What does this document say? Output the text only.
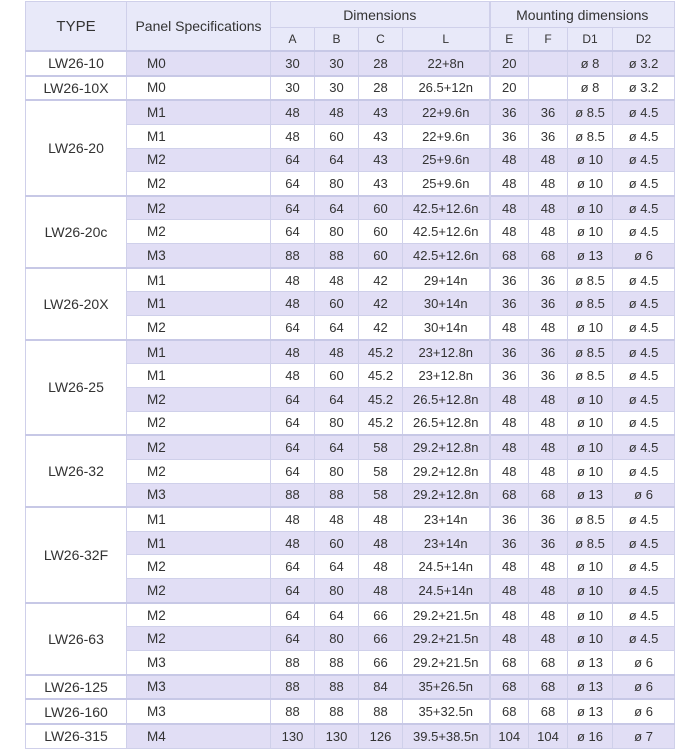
TYPE	Panel Specifications	Dimensions				Mounting dimensions			
		A	B	C	L	E	F	D1	D2
LW26-10	M0	30	30	28	22+8n	20		ø 8	ø 3.2
LW26-10X	M0	30	30	28	26.5+12n	20		ø 8	ø 3.2
LW26-20	M1	48	48	43	22+9.6n	36	36	ø 8.5	ø 4.5
	M1	48	60	43	22+9.6n	36	36	ø 8.5	ø 4.5
	M2	64	64	43	25+9.6n	48	48	ø 10	ø 4.5
	M2	64	80	43	25+9.6n	48	48	ø 10	ø 4.5
LW26-20c	M2	64	64	60	42.5+12.6n	48	48	ø 10	ø 4.5
	M2	64	80	60	42.5+12.6n	48	48	ø 10	ø 4.5
	M3	88	88	60	42.5+12.6n	68	68	ø 13	ø 6
LW26-20X	M1	48	48	42	29+14n	36	36	ø 8.5	ø 4.5
	M1	48	60	42	30+14n	36	36	ø 8.5	ø 4.5
	M2	64	64	42	30+14n	48	48	ø 10	ø 4.5
LW26-25	M1	48	48	45.2	23+12.8n	36	36	ø 8.5	ø 4.5
	M1	48	60	45.2	23+12.8n	36	36	ø 8.5	ø 4.5
	M2	64	64	45.2	26.5+12.8n	48	48	ø 10	ø 4.5
	M2	64	80	45.2	26.5+12.8n	48	48	ø 10	ø 4.5
LW26-32	M2	64	64	58	29.2+12.8n	48	48	ø 10	ø 4.5
	M2	64	80	58	29.2+12.8n	48	48	ø 10	ø 4.5
	M3	88	88	58	29.2+12.8n	68	68	ø 13	ø 6
LW26-32F	M1	48	48	48	23+14n	36	36	ø 8.5	ø 4.5
	M1	48	60	48	23+14n	36	36	ø 8.5	ø 4.5
	M2	64	64	48	24.5+14n	48	48	ø 10	ø 4.5
	M2	64	80	48	24.5+14n	48	48	ø 10	ø 4.5
LW26-63	M2	64	64	66	29.2+21.5n	48	48	ø 10	ø 4.5
	M2	64	80	66	29.2+21.5n	48	48	ø 10	ø 4.5
	M3	88	88	66	29.2+21.5n	68	68	ø 13	ø 6
LW26-125	M3	88	88	84	35+26.5n	68	68	ø 13	ø 6
LW26-160	M3	88	88	88	35+32.5n	68	68	ø 13	ø 6
LW26-315	M4	130	130	126	39.5+38.5n	104	104	ø 16	ø 7
